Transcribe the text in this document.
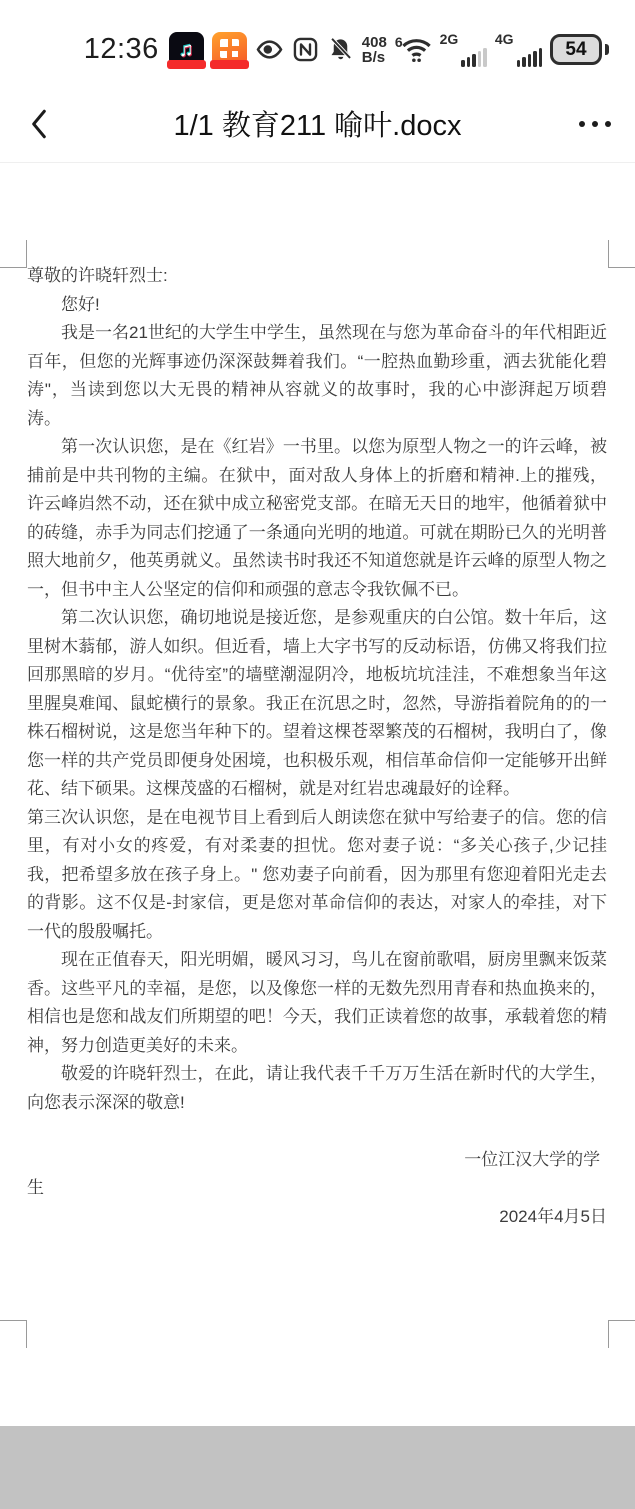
12:36 ♫	408
B/s
6	2G	4G	54
1/1 教育211 喻叶.docx

尊敬的许晓轩烈士:

您好!

我是一名21世纪的大学生中学生，虽然现在与您为革命奋斗的年代相距近百年，但您的光辉事迹仍深深鼓舞着我们。“一腔热血勤珍重，洒去犹能化碧涛"，当读到您以大无畏的精神从容就义的故事时，我的心中澎湃起万顷碧涛。

第一次认识您，是在《红岩》一书里。以您为原型人物之一的许云峰，被捕前是中共刊物的主编。在狱中，面对敌人身体上的折磨和精神.上的摧残，许云峰岿然不动，还在狱中成立秘密党支部。在暗无天日的地牢，他循着狱中的砖缝，赤手为同志们挖通了一条通向光明的地道。可就在期盼已久的光明普照大地前夕，他英勇就义。虽然读书时我还不知道您就是许云峰的原型人物之一，但书中主人公坚定的信仰和顽强的意志令我钦佩不已。

第二次认识您，确切地说是接近您，是参观重庆的白公馆。数十年后，这里树木蓊郁，游人如织。但近看，墙上大字书写的反动标语，仿佛又将我们拉回那黑暗的岁月。“优待室”的墙壁潮湿阴冷，地板坑坑洼洼，不难想象当年这里腥臭难闻、鼠蛇横行的景象。我正在沉思之时，忽然，导游指着院角的的一株石榴树说，这是您当年种下的。望着这棵苍翠繁茂的石榴树，我明白了，像您一样的共产党员即便身处困境，也积极乐观，相信革命信仰一定能够开出鲜花、结下硕果。这棵茂盛的石榴树，就是对红岩忠魂最好的诠释。

第三次认识您，是在电视节目上看到后人朗读您在狱中写给妻子的信。您的信里，有对小女的疼爱，有对柔妻的担忧。您对妻子说：“多关心孩子,少记挂我，把希望多放在孩子身上。" 您劝妻子向前看，因为那里有您迎着阳光走去的背影。这不仅是-封家信，更是您对革命信仰的表达，对家人的牵挂，对下一代的殷殷嘱托。

现在正值春天，阳光明媚，暖风习习，鸟儿在窗前歌唱，厨房里飘来饭菜香。这些平凡的幸福，是您，以及像您一样的无数先烈用青春和热血换来的，相信也是您和战友们所期望的吧！今天，我们正读着您的故事，承载着您的精神，努力创造更美好的未来。

敬爱的许晓轩烈士，在此，请让我代表千千万万生活在新时代的大学生，向您表示深深的敬意!

一位江汉大学的学生

2024年4月5日
